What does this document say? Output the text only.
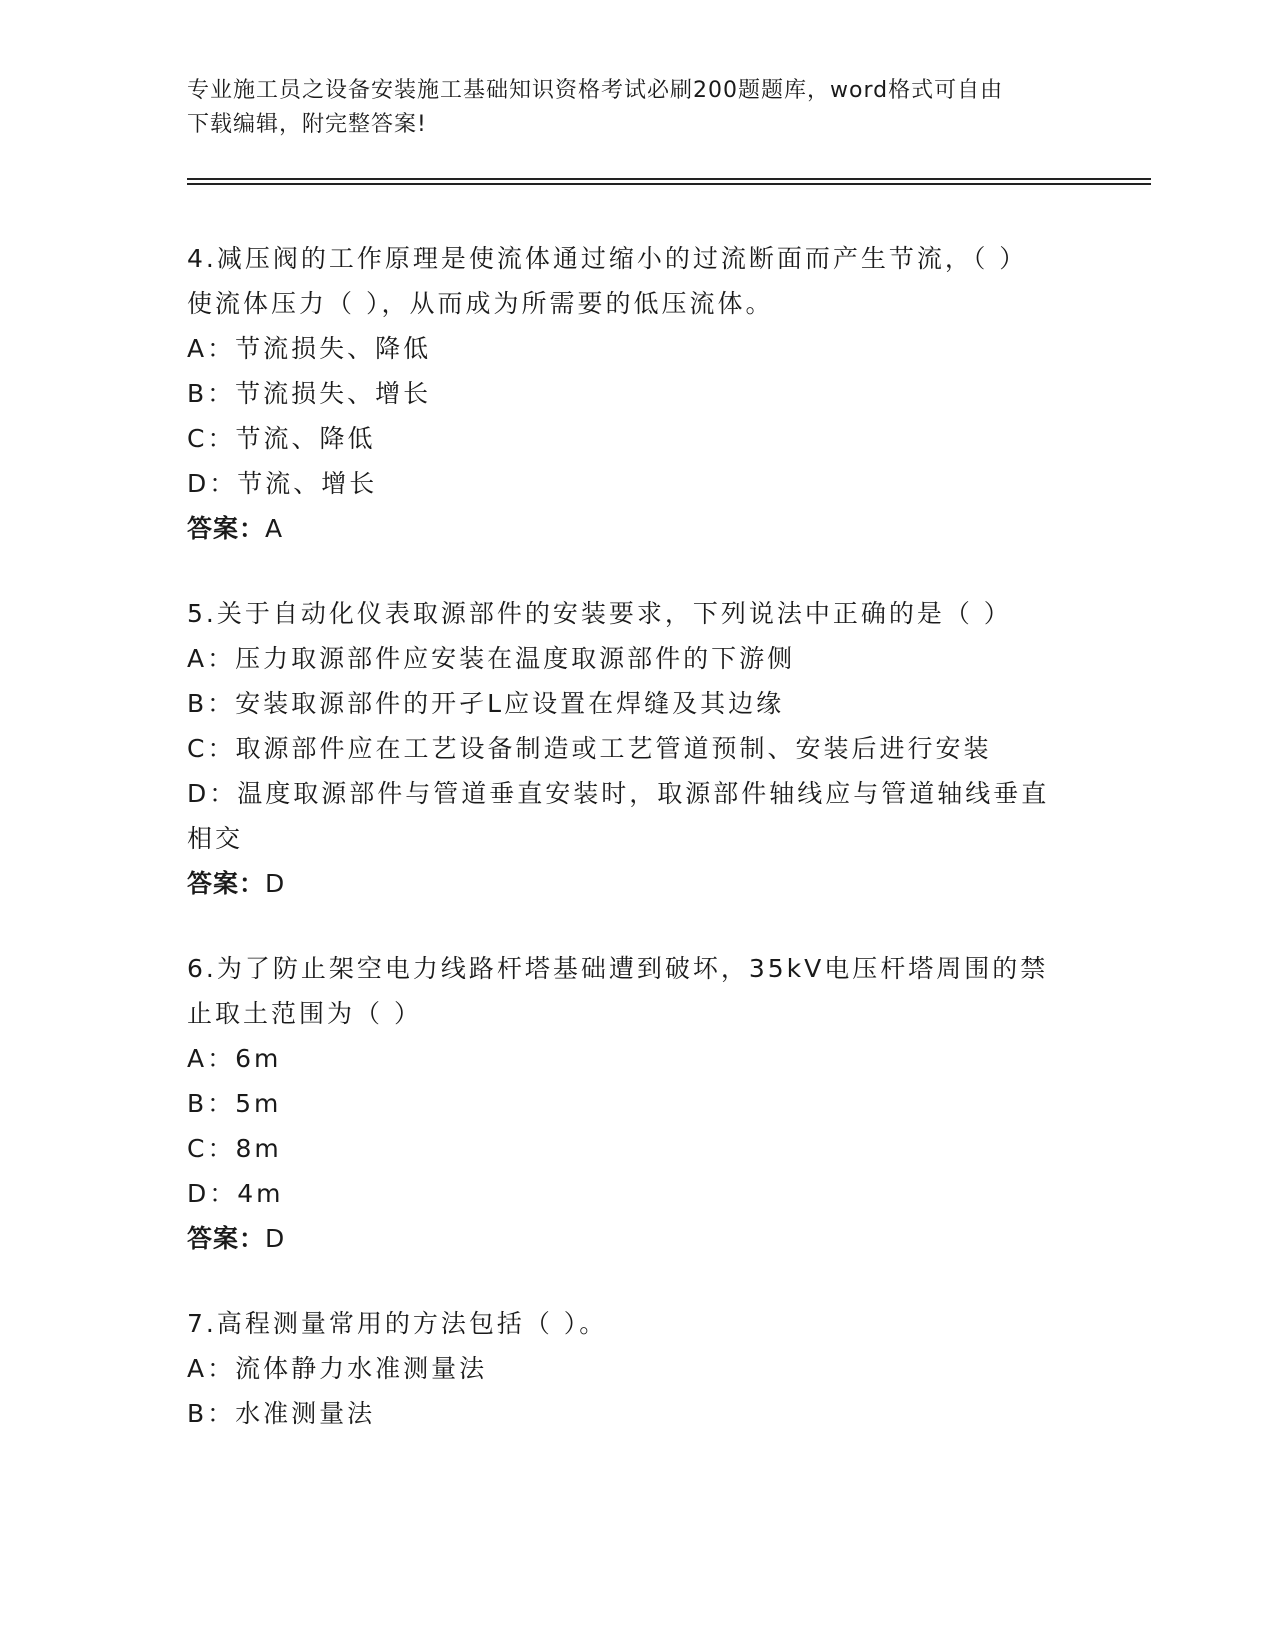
专业施工员之设备安装施工基础知识资格考试必刷200题题库，word格式可自由
下载编辑，附完整答案!
4.减压阀的工作原理是使流体通过缩小的过流断面而产生节流，（ ）
使流体压力（ ），从而成为所需要的低压流体。
A：节流损失、降低
B：节流损失、增长
C：节流、降低
D：节流、增长
答案：A
5.关于自动化仪表取源部件的安装要求，下列说法中正确的是（ ）
A：压力取源部件应安装在温度取源部件的下游侧
B：安装取源部件的开孑L应设置在焊缝及其边缘
C：取源部件应在工艺设备制造或工艺管道预制、安装后进行安装
D：温度取源部件与管道垂直安装时，取源部件轴线应与管道轴线垂直
相交
答案：D
6.为了防止架空电力线路杆塔基础遭到破坏，35kV电压杆塔周围的禁
止取土范围为（ ）
A：6m
B：5m
C：8m
D：4m
答案：D
7.高程测量常用的方法包括（ ）。
A：流体静力水准测量法
B：水准测量法
